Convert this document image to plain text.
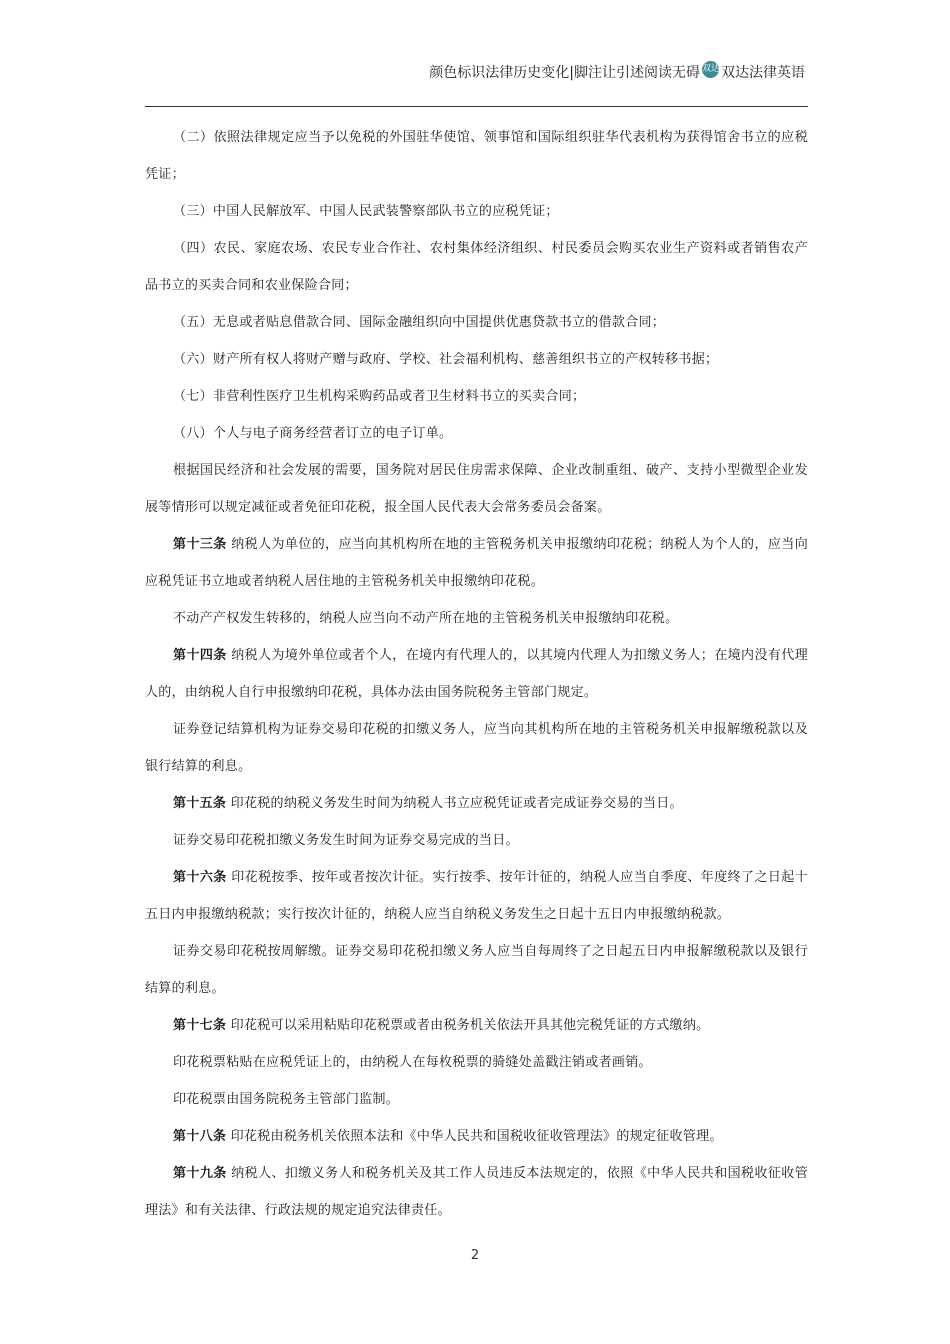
颜色标识法律历史变化|脚注让引述阅读无碍 双达 双达法律英语

（二）依照法律规定应当予以免税的外国驻华使馆、领事馆和国际组织驻华代表机构为获得馆舍书立的应税凭证；

（三）中国人民解放军、中国人民武装警察部队书立的应税凭证；

（四）农民、家庭农场、农民专业合作社、农村集体经济组织、村民委员会购买农业生产资料或者销售农产品书立的买卖合同和农业保险合同；

（五）无息或者贴息借款合同、国际金融组织向中国提供优惠贷款书立的借款合同；

（六）财产所有权人将财产赠与政府、学校、社会福利机构、慈善组织书立的产权转移书据；

（七）非营利性医疗卫生机构采购药品或者卫生材料书立的买卖合同；

（八）个人与电子商务经营者订立的电子订单。

根据国民经济和社会发展的需要，国务院对居民住房需求保障、企业改制重组、破产、支持小型微型企业发展等情形可以规定减征或者免征印花税，报全国人民代表大会常务委员会备案。

第十三条 纳税人为单位的，应当向其机构所在地的主管税务机关申报缴纳印花税；纳税人为个人的，应当向应税凭证书立地或者纳税人居住地的主管税务机关申报缴纳印花税。

不动产产权发生转移的，纳税人应当向不动产所在地的主管税务机关申报缴纳印花税。

第十四条 纳税人为境外单位或者个人，在境内有代理人的，以其境内代理人为扣缴义务人；在境内没有代理人的，由纳税人自行申报缴纳印花税，具体办法由国务院税务主管部门规定。

证券登记结算机构为证券交易印花税的扣缴义务人，应当向其机构所在地的主管税务机关申报解缴税款以及银行结算的利息。

第十五条 印花税的纳税义务发生时间为纳税人书立应税凭证或者完成证券交易的当日。

证券交易印花税扣缴义务发生时间为证券交易完成的当日。

第十六条 印花税按季、按年或者按次计征。实行按季、按年计征的，纳税人应当自季度、年度终了之日起十五日内申报缴纳税款；实行按次计征的，纳税人应当自纳税义务发生之日起十五日内申报缴纳税款。

证券交易印花税按周解缴。证券交易印花税扣缴义务人应当自每周终了之日起五日内申报解缴税款以及银行结算的利息。

第十七条 印花税可以采用粘贴印花税票或者由税务机关依法开具其他完税凭证的方式缴纳。

印花税票粘贴在应税凭证上的，由纳税人在每枚税票的骑缝处盖戳注销或者画销。

印花税票由国务院税务主管部门监制。

第十八条 印花税由税务机关依照本法和《中华人民共和国税收征收管理法》的规定征收管理。

第十九条 纳税人、扣缴义务人和税务机关及其工作人员违反本法规定的，依照《中华人民共和国税收征收管理法》和有关法律、行政法规的规定追究法律责任。

2
